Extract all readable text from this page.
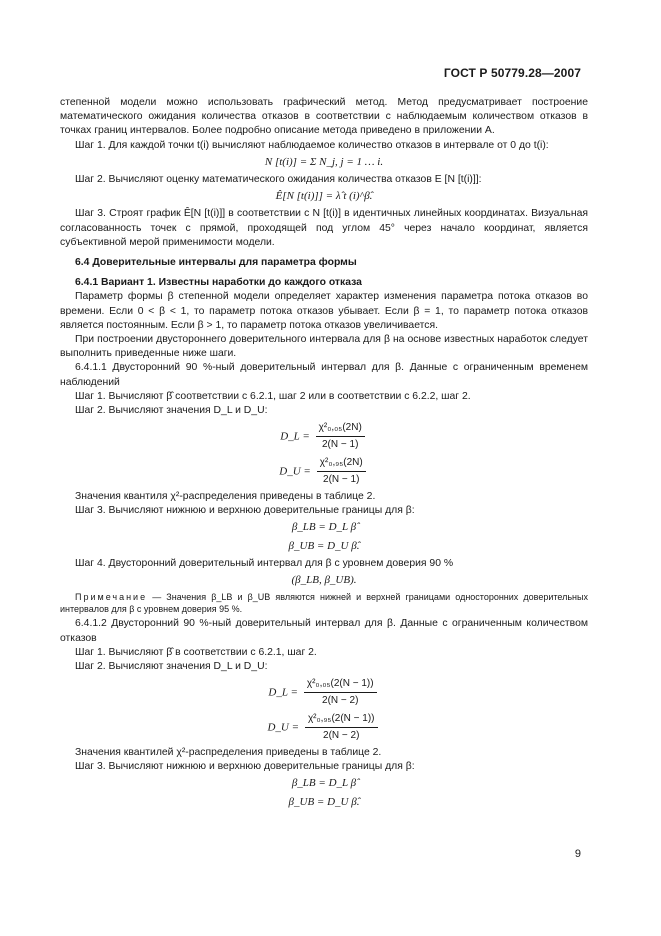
ГОСТ Р 50779.28—2007

степенной модели можно использовать графический метод. Метод предусматривает построение математического ожидания количества отказов в соответствии с наблюдаемым количеством отказов в точках границ интервалов. Более подробно описание метода приведено в приложении А.

Шаг 1. Для каждой точки t(i) вычисляют наблюдаемое количество отказов в интервале от 0 до t(i):

N [t(i)] = Σ N_j, j = 1 … i.

Шаг 2. Вычисляют оценку математического ожидания количества отказов E [N [t(i)]]:

Ê[N [t(i)]] = λ̂ t (i)^β̂.

Шаг 3. Строят график Ê[N [t(i)]] в соответствии с N [t(i)] в идентичных линейных координатах. Визуальная согласованность точек с прямой, проходящей под углом 45° через начало координат, является субъективной мерой применимости модели.

6.4 Доверительные интервалы для параметра формы

6.4.1 Вариант 1. Известны наработки до каждого отказа

Параметр формы β степенной модели определяет характер изменения параметра потока отказов во времени. Если 0 < β < 1, то параметр потока отказов убывает. Если β = 1, то параметр потока отказов является постоянным. Если β > 1, то параметр потока отказов увеличивается.

При построении двустороннего доверительного интервала для β на основе известных наработок следует выполнить приведенные ниже шаги.

6.4.1.1 Двусторонний 90 %-ный доверительный интервал для β. Данные с ограниченным временем наблюдений

Шаг 1. Вычисляют β̂ соответствии с 6.2.1, шаг 2 или в соответствии с 6.2.2, шаг 2.

Шаг 2. Вычисляют значения D_L и D_U:

D_L = $\frac{\text{χ²₀,₀₅(2N)}}{2(N - 1)}$
D_U = $\frac{\text{χ²₀,₉₅(2N)}}{2(N - 1)}$

Значения квантиля χ²-распределения приведены в таблице 2.

Шаг 3. Вычисляют нижнюю и верхнюю доверительные границы для β:

β_LB = D_L β̂
β_UB = D_U β̂.

Шаг 4. Двусторонний доверительный интервал для β с уровнем доверия 90 %

(β_LB, β_UB).

Примечание — Значения β_LB и β_UB являются нижней и верхней границами односторонних доверительных интервалов для β с уровнем доверия 95 %.

6.4.1.2 Двусторонний 90 %-ный доверительный интервал для β. Данные с ограниченным количеством отказов

Шаг 1. Вычисляют β̂ в соответствии с 6.2.1, шаг 2.

Шаг 2. Вычисляют значения D_L и D_U:

D_L = $\frac{\text{χ²₀,₀₅(2(N − 1))}}{2(N - 2)}$
D_U = $\frac{\text{χ²₀,₉₅(2(N − 1))}}{2(N - 2)}$

Значения квантилей χ²-распределения приведены в таблице 2.

Шаг 3. Вычисляют нижнюю и верхнюю доверительные границы для β:

β_LB = D_L β̂
β_UB = D_U β̂.
9
